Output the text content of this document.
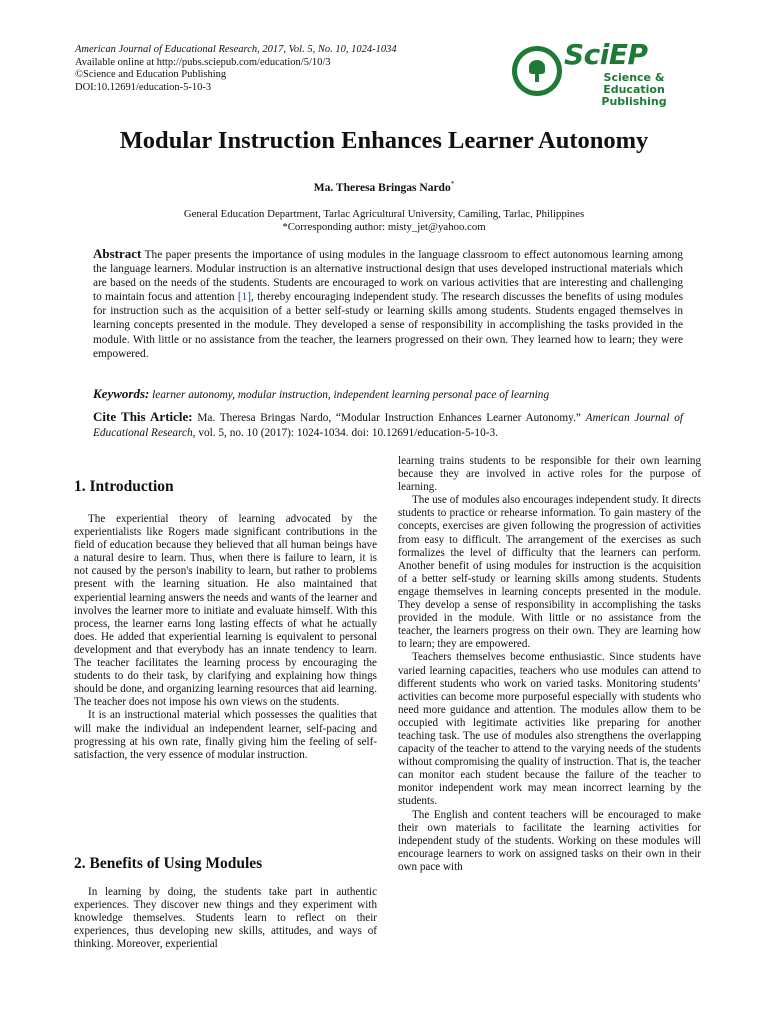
American Journal of Educational Research, 2017, Vol. 5, No. 10, 1024-1034
Available online at http://pubs.sciepub.com/education/5/10/3
©Science and Education Publishing
DOI:10.12691/education-5-10-3
SciEP
Science & Education
Publishing
Modular Instruction Enhances Learner Autonomy
Ma. Theresa Bringas Nardo*
General Education Department, Tarlac Agricultural University, Camiling, Tarlac, Philippines
*Corresponding author: misty_jet@yahoo.com
Abstract The paper presents the importance of using modules in the language classroom to effect autonomous learning among the language learners. Modular instruction is an alternative instructional design that uses developed instructional materials which are based on the needs of the students. Students are encouraged to work on various activities that are interesting and challenging to maintain focus and attention [1], thereby encouraging independent study. The research discusses the benefits of using modules for instruction such as the acquisition of a better self-study or learning skills among students. Students engaged themselves in learning concepts presented in the module. They developed a sense of responsibility in accomplishing the tasks provided in the module. With little or no assistance from the teacher, the learners progressed on their own. They learned how to learn; they were empowered.
Keywords: learner autonomy, modular instruction, independent learning personal pace of learning
Cite This Article: Ma. Theresa Bringas Nardo, “Modular Instruction Enhances Learner Autonomy.” American Journal of Educational Research, vol. 5, no. 10 (2017): 1024-1034. doi: 10.12691/education-5-10-3.
1. Introduction

The experiential theory of learning advocated by the experientialists like Rogers made significant contributions in the field of education because they believed that all human beings have a natural desire to learn. Thus, when there is failure to learn, it is not caused by the person's inability to learn, but rather to problems present with the learning situation. He also maintained that experiential learning answers the needs and wants of the learner and involves the learner more to initiate and evaluate himself. With this process, the learner earns long lasting effects of what he actually does. He added that experiential learning is equivalent to personal development and that everybody has an innate tendency to learn. The teacher facilitates the learning process by encouraging the students to do their task, by clarifying and explaining how things should be done, and organizing learning resources that aid learning. The teacher does not impose his own views on the students.

It is an instructional material which possesses the qualities that will make the individual an independent learner, self-pacing and progressing at his own rate, finally giving him the feeling of self-satisfaction, the very essence of modular instruction.

2. Benefits of Using Modules

In learning by doing, the students take part in authentic experiences. They discover new things and they experiment with knowledge themselves. Students learn to reflect on their experiences, thus developing new skills, attitudes, and ways of thinking. Moreover, experiential

learning trains students to be responsible for their own learning because they are involved in active roles for the purpose of learning.

The use of modules also encourages independent study. It directs students to practice or rehearse information. To gain mastery of the concepts, exercises are given following the progression of activities from easy to difficult. The arrangement of the exercises as such formalizes the level of difficulty that the learners can perform. Another benefit of using modules for instruction is the acquisition of a better self-study or learning skills among students. Students engage themselves in learning concepts presented in the module. They develop a sense of responsibility in accomplishing the tasks provided in the module. With little or no assistance from the teacher, the learners progress on their own. They are learning how to learn; they are empowered.

Teachers themselves become enthusiastic. Since students have varied learning capacities, teachers who use modules can attend to different students who work on varied tasks. Monitoring students’ activities can become more purposeful especially with students who need more guidance and attention. The modules allow them to be occupied with legitimate activities like preparing for another teaching task. The use of modules also strengthens the overlapping capacity of the teacher to attend to the varying needs of the students without compromising the quality of instruction. That is, the teacher can monitor each student because the failure of the teacher to monitor independent work may mean incorrect learning by the students.

The English and content teachers will be encouraged to make their own materials to facilitate the learning activities for independent study of the students. Working on these modules will encourage learners to work on assigned tasks on their own in their own pace with
